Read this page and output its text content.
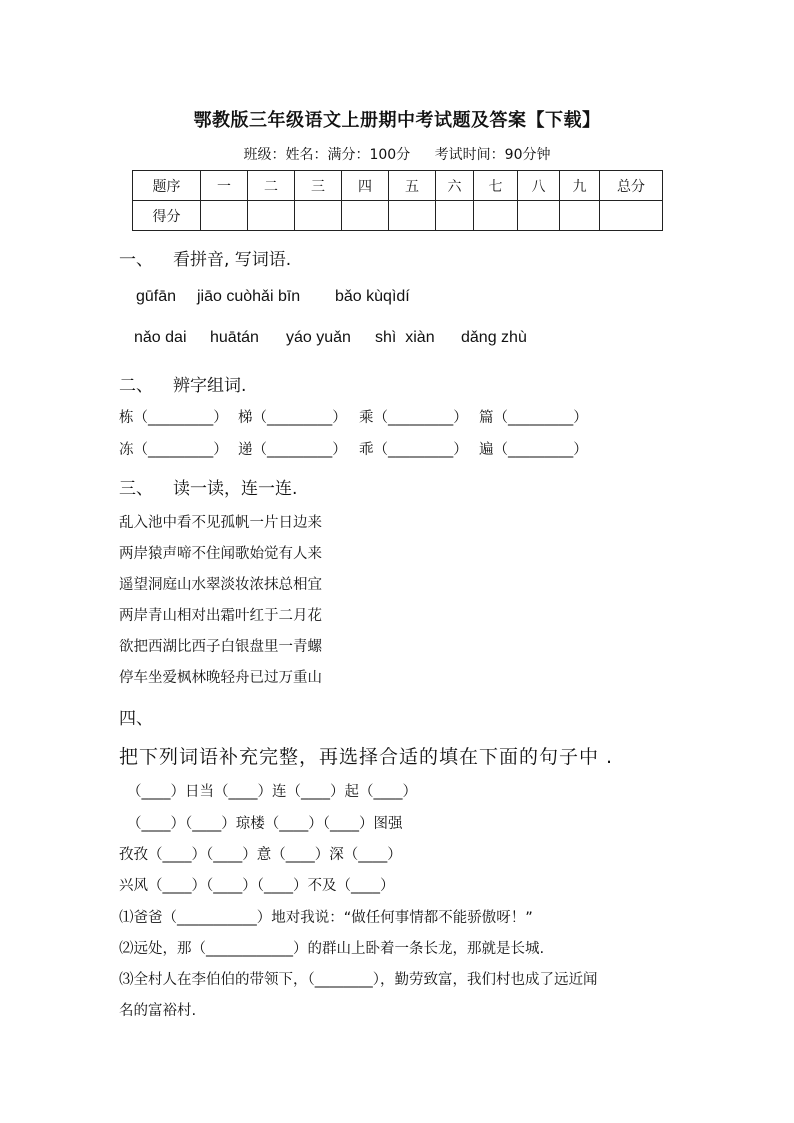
鄂教版三年级语文上册期中考试题及答案【下载】
班级：姓名：满分：100分 考试时间：90分钟
题序	一	二	三	四	五	六	七	八	九	总分
得分										
一、 看拼音, 写词语.
gūfān jiāo cuòhǎi bīn bǎo kùqìdí
nǎo dai huātán yáo yuǎn shì  xiàn dǎng zhù
二、 辨字组词.
栋（_________） 梯（_________） 乘（_________） 篇（_________）
冻（_________） 递（_________） 乖（_________） 遍（_________）
三、 读一读，连一连.
乱入池中看不见孤帆一片日边来
两岸猿声啼不住闻歌始觉有人来
遥望洞庭山水翠淡妆浓抹总相宜
两岸青山相对出霜叶红于二月花
欲把西湖比西子白银盘里一青螺
停车坐爱枫林晚轻舟已过万重山
四、
把下列词语补充完整，再选择合适的填在下面的句子中 .
（____）日当（____）连（____）起（____）
（____）（____）琼楼（____）（____）图强
孜孜（____）（____）意（____）深（____）
兴风（____）（____）（____）不及（____）
⑴爸爸（___________）地对我说：“做任何事情都不能骄傲呀！”
⑵远处，那（____________）的群山上卧着一条长龙，那就是长城.
⑶全村人在李伯伯的带领下，（________），勤劳致富，我们村也成了远近闻
名的富裕村.
